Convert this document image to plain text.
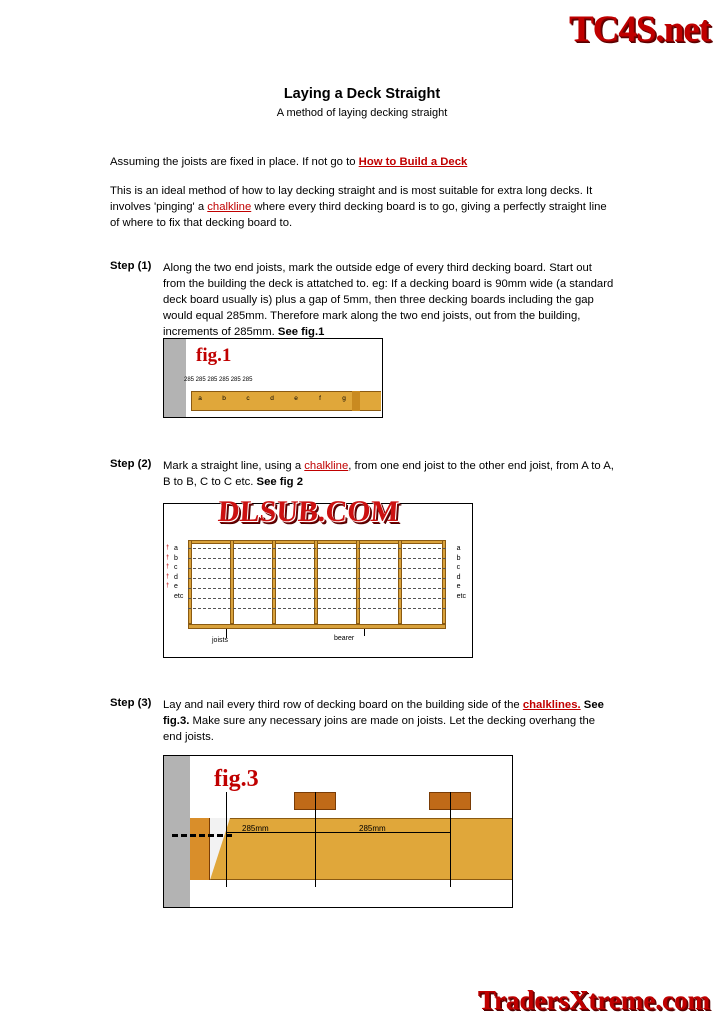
TC4S.net
Laying a Deck Straight
A method of laying decking straight
Assuming the joists are fixed in place. If not go to How to Build a Deck
This is an ideal method of how to lay decking straight and is most suitable for extra long decks. It involves 'pinging' a chalkline where every third decking board is to go, giving a perfectly straight line of where to fix that decking board to.
Step (1) Along the two end joists, mark the outside edge of every third decking board. Start out from the building the deck is attatched to. eg: If a decking board is 90mm wide (a standard deck board usually is) plus a gap of 5mm, then three decking boards including the gap would equal 285mm. Therefore mark along the two end joists, out from the building, increments of 285mm. See fig.1
fig.1
285 285 285 285 285 285
a	b	c	d	e	f	g
Step (2) Mark a straight line, using a chalkline, from one end joist to the other end joist, from A to A, B to B, C to C etc. See fig 2
†
†
†
†
†

a
b
c
d
e
etc
a
b
c
d
e
etc
joists	bearer
DLSUB.COM
Step (3) Lay and nail every third row of decking board on the building side of the chalklines. See fig.3. Make sure any necessary joins are made on joists. Let the decking overhang the end joists.
fig.3
285mm	285mm
TradersXtreme.com
